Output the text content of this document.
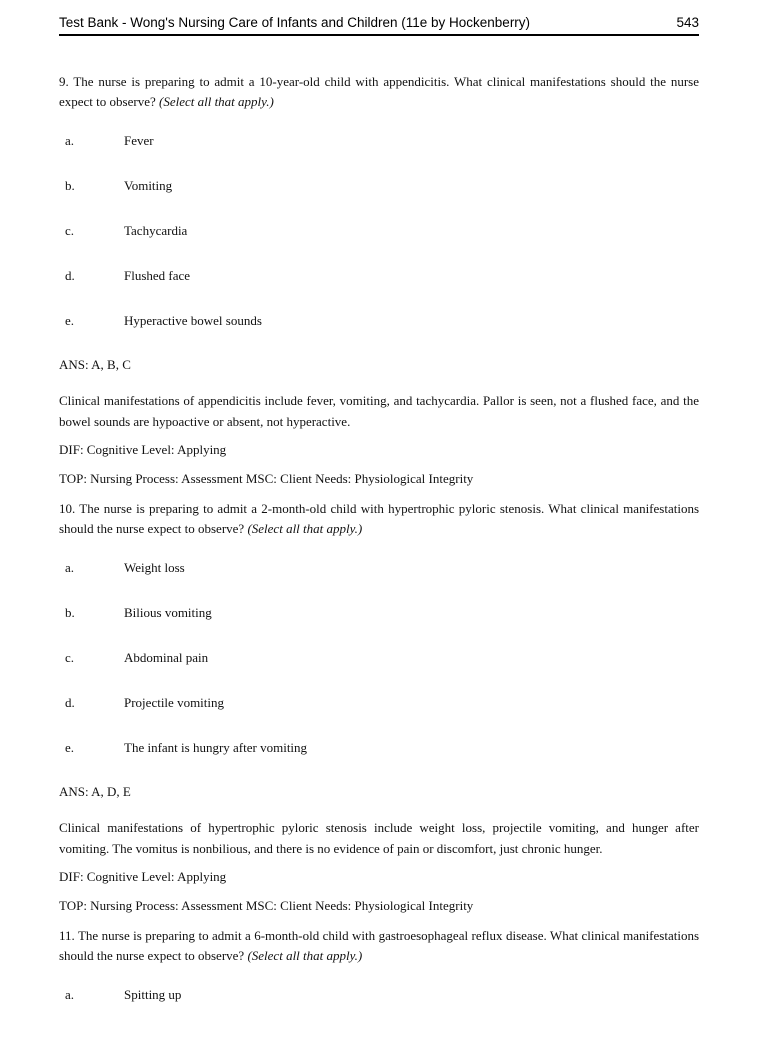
Test Bank - Wong's Nursing Care of Infants and Children (11e by Hockenberry)	543

9. The nurse is preparing to admit a 10-year-old child with appendicitis. What clinical manifestations should the nurse expect to observe? (Select all that apply.)

a.	Fever
b.	Vomiting
c.	Tachycardia
d.	Flushed face
e.	Hyperactive bowel sounds

ANS: A, B, C

Clinical manifestations of appendicitis include fever, vomiting, and tachycardia. Pallor is seen, not a flushed face, and the bowel sounds are hypoactive or absent, not hyperactive.

DIF: Cognitive Level: Applying

TOP: Nursing Process: Assessment MSC: Client Needs: Physiological Integrity

10. The nurse is preparing to admit a 2-month-old child with hypertrophic pyloric stenosis. What clinical manifestations should the nurse expect to observe? (Select all that apply.)

a.	Weight loss
b.	Bilious vomiting
c.	Abdominal pain
d.	Projectile vomiting
e.	The infant is hungry after vomiting

ANS: A, D, E

Clinical manifestations of hypertrophic pyloric stenosis include weight loss, projectile vomiting, and hunger after vomiting. The vomitus is nonbilious, and there is no evidence of pain or discomfort, just chronic hunger.

DIF: Cognitive Level: Applying

TOP: Nursing Process: Assessment MSC: Client Needs: Physiological Integrity

11. The nurse is preparing to admit a 6-month-old child with gastroesophageal reflux disease. What clinical manifestations should the nurse expect to observe? (Select all that apply.)

a.	Spitting up
